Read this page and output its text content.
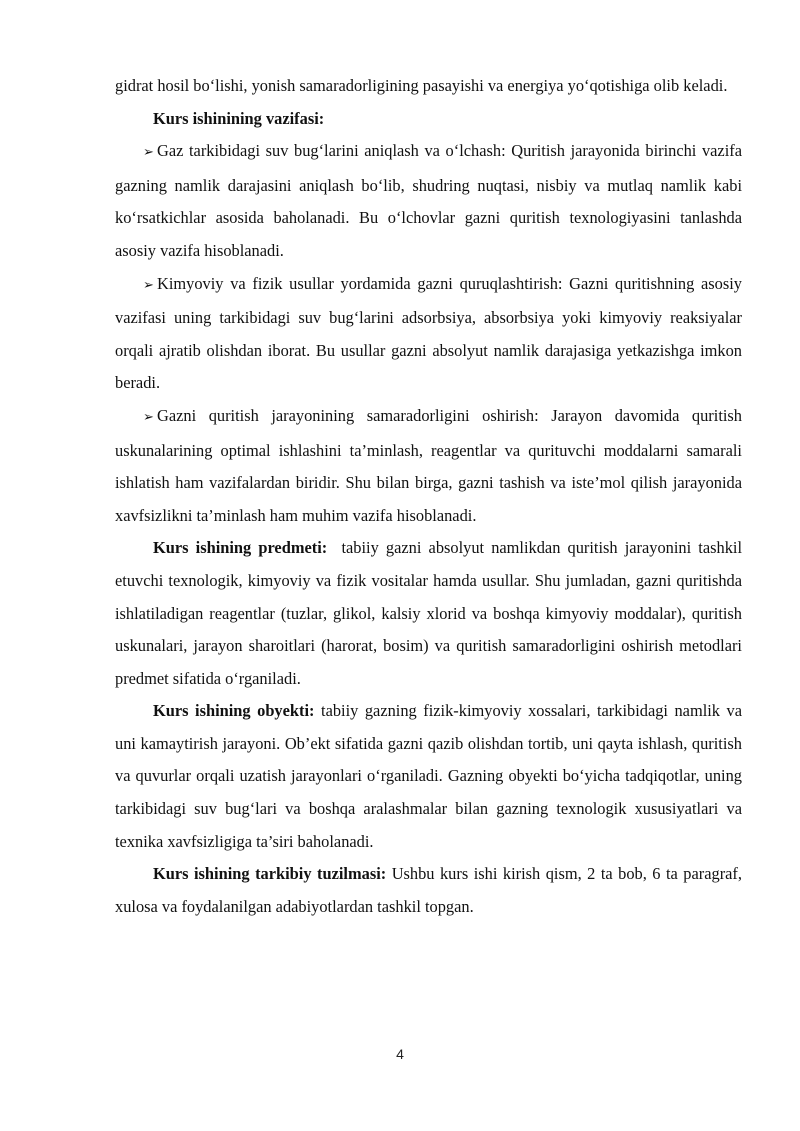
gidrat hosil bo‘lishi, yonish samaradorligining pasayishi va energiya yo‘qotishiga olib keladi.

Kurs ishinining vazifasi:

➢ Gaz tarkibidagi suv bug‘larini aniqlash va o‘lchash: Quritish jarayonida birinchi vazifa gazning namlik darajasini aniqlash bo‘lib, shudring nuqtasi, nisbiy va mutlaq namlik kabi ko‘rsatkichlar asosida baholanadi. Bu o‘lchovlar gazni quritish texnologiyasini tanlashda asosiy vazifa hisoblanadi.

➢ Kimyoviy va fizik usullar yordamida gazni quruqlashtirish: Gazni quritishning asosiy vazifasi uning tarkibidagi suv bug‘larini adsorbsiya, absorbsiya yoki kimyoviy reaksiyalar orqali ajratib olishdan iborat. Bu usullar gazni absolyut namlik darajasiga yetkazishga imkon beradi.

➢ Gazni quritish jarayonining samaradorligini oshirish: Jarayon davomida quritish uskunalarining optimal ishlashini ta’minlash, reagentlar va qurituvchi moddalarni samarali ishlatish ham vazifalardan biridir. Shu bilan birga, gazni tashish va iste’mol qilish jarayonida xavfsizlikni ta’minlash ham muhim vazifa hisoblanadi.

Kurs ishining predmeti:  tabiiy gazni absolyut namlikdan quritish jarayonini tashkil etuvchi texnologik, kimyoviy va fizik vositalar hamda usullar. Shu jumladan, gazni quritishda ishlatiladigan reagentlar (tuzlar, glikol, kalsiy xlorid va boshqa kimyoviy moddalar), quritish uskunalari, jarayon sharoitlari (harorat, bosim) va quritish samaradorligini oshirish metodlari predmet sifatida o‘rganiladi.

Kurs ishining obyekti: tabiiy gazning fizik-kimyoviy xossalari, tarkibidagi namlik va uni kamaytirish jarayoni. Ob’ekt sifatida gazni qazib olishdan tortib, uni qayta ishlash, quritish va quvurlar orqali uzatish jarayonlari o‘rganiladi. Gazning obyekti bo‘yicha tadqiqotlar, uning tarkibidagi suv bug‘lari va boshqa aralashmalar bilan gazning texnologik xususiyatlari va texnika xavfsizligiga ta’siri baholanadi.

Kurs ishining tarkibiy tuzilmasi: Ushbu kurs ishi kirish qism, 2 ta bob, 6 ta paragraf, xulosa va foydalanilgan adabiyotlardan tashkil topgan.

4
